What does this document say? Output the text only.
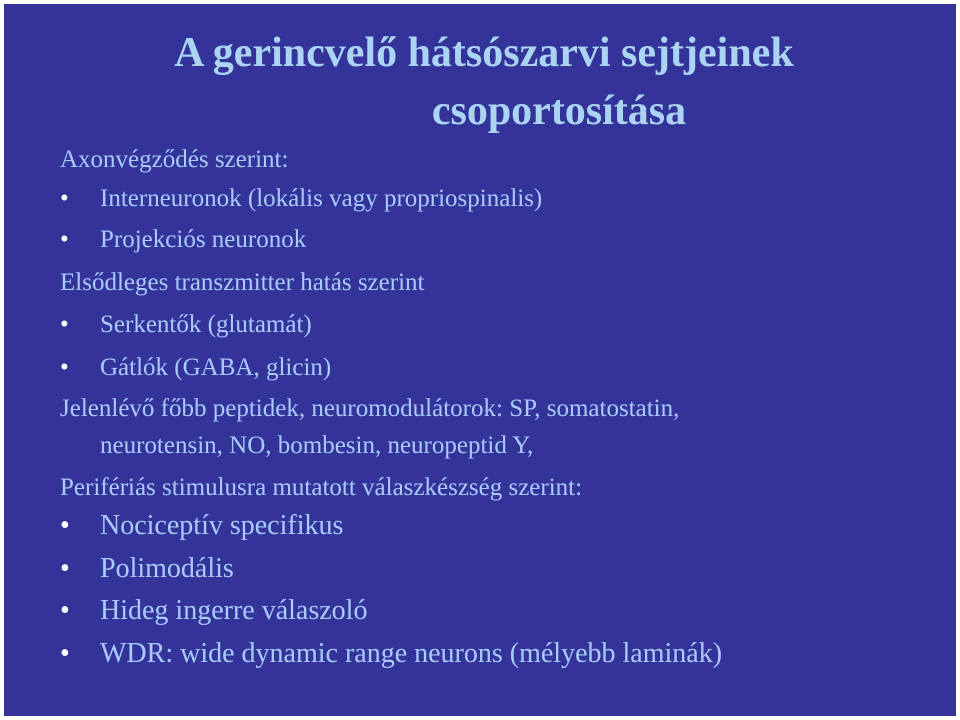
A gerincvelő hátsószarvi sejtjeinek
csoportosítása
Axonvégződés szerint:
• Interneuronok (lokális vagy propriospinalis)
• Projekciós neuronok
Elsődleges transzmitter hatás szerint
• Serkentők (glutamát)
• Gátlók (GABA, glicin)
Jelenlévő főbb peptidek, neuromodulátorok: SP, somatostatin,
neurotensin, NO, bombesin, neuropeptid Y,
Perifériás stimulusra mutatott válaszkészség szerint:
• Nociceptív specifikus
• Polimodális
• Hideg ingerre válaszoló
• WDR: wide dynamic range neurons (mélyebb laminák)
